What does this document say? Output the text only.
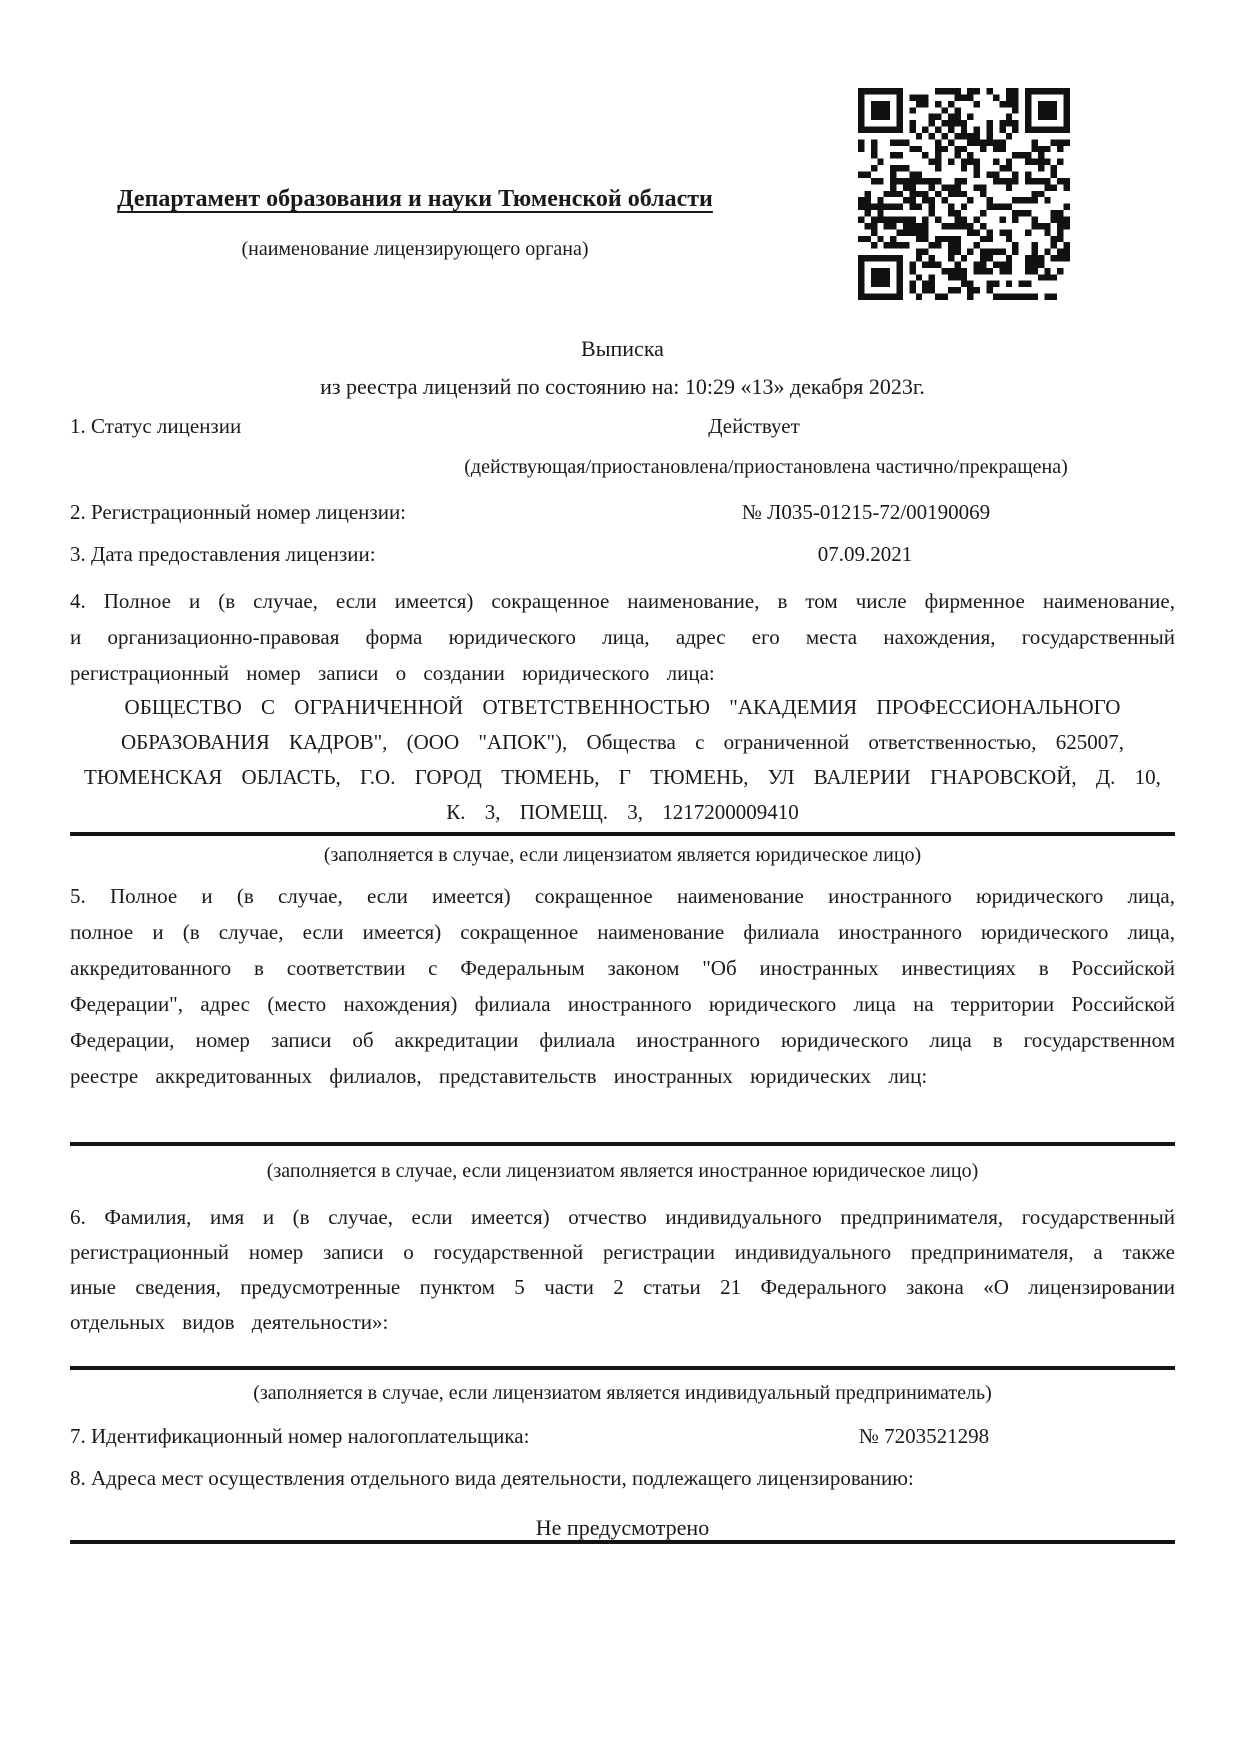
Департамент образования и науки Тюменской области
(наименование лицензирующего органа)
Выписка
из реестра лицензий по состоянию на: 10:29 «13» декабря 2023г.
1. Статус лицензии	Действует
(действующая/приостановлена/приостановлена частично/прекращена)
2. Регистрационный номер лицензии:	№ Л035-01215-72/00190069
3. Дата предоставления лицензии:	07.09.2021
4. Полное и (в случае, если имеется) сокращенное наименование, в том числе фирменное наименование, и организационно-правовая форма юридического лица, адрес его места нахождения, государственный регистрационный номер записи о создании юридического лица:
ОБЩЕСТВО С ОГРАНИЧЕННОЙ ОТВЕТСТВЕННОСТЬЮ "АКАДЕМИЯ ПРОФЕССИОНАЛЬНОГО ОБРАЗОВАНИЯ КАДРОВ", (ООО "АПОК"), Общества с ограниченной ответственностью, 625007, ТЮМЕНСКАЯ ОБЛАСТЬ, Г.О. ГОРОД ТЮМЕНЬ, Г ТЮМЕНЬ, УЛ ВАЛЕРИИ ГНАРОВСКОЙ, Д. 10, К. 3, ПОМЕЩ. 3, 1217200009410
(заполняется в случае, если лицензиатом является юридическое лицо)
5. Полное и (в случае, если имеется) сокращенное наименование иностранного юридического лица, полное и (в случае, если имеется) сокращенное наименование филиала иностранного юридического лица, аккредитованного в соответствии с Федеральным законом "Об иностранных инвестициях в Российской Федерации", адрес (место нахождения) филиала иностранного юридического лица на территории Российской Федерации, номер записи об аккредитации филиала иностранного юридического лица в государственном реестре аккредитованных филиалов, представительств иностранных юридических лиц:
(заполняется в случае, если лицензиатом является иностранное юридическое лицо)
6. Фамилия, имя и (в случае, если имеется) отчество индивидуального предпринимателя, государственный регистрационный номер записи о государственной регистрации индивидуального предпринимателя, а также иные сведения, предусмотренные пунктом 5 части 2 статьи 21 Федерального закона «О лицензировании отдельных видов деятельности»:
(заполняется в случае, если лицензиатом является индивидуальный предприниматель)
7. Идентификационный номер налогоплательщика:	№ 7203521298
8. Адреса мест осуществления отдельного вида деятельности, подлежащего лицензированию:
Не предусмотрено
